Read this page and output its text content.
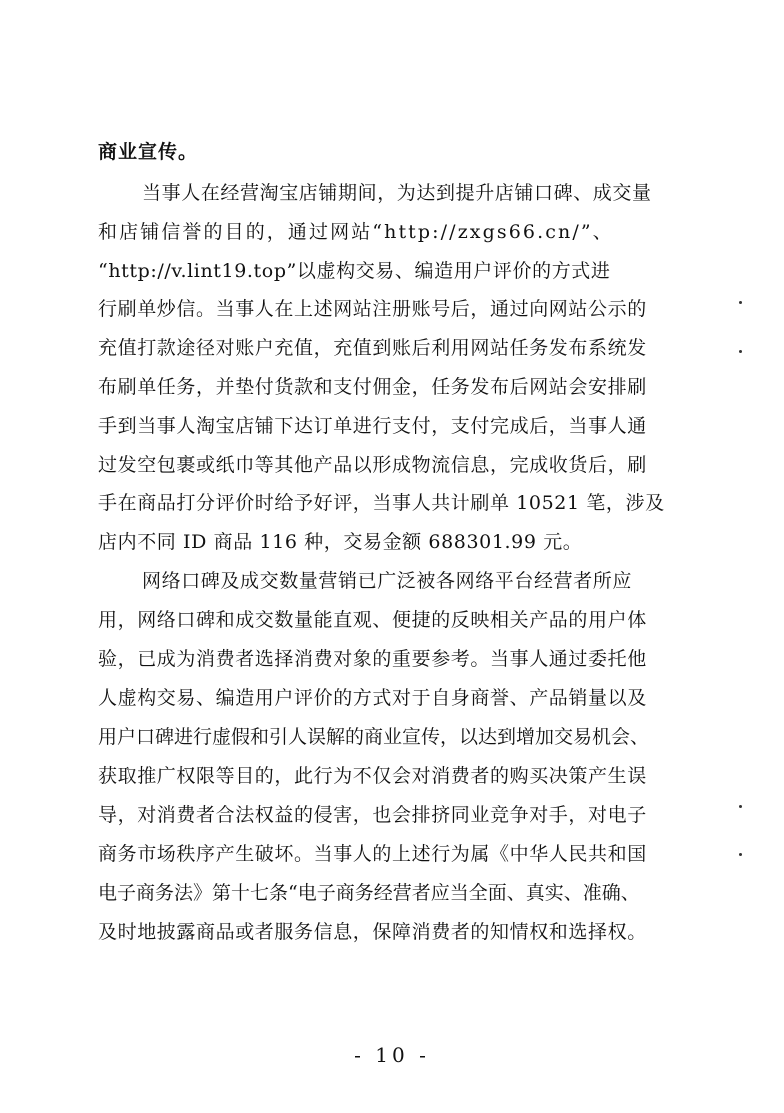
商业宣传。
当事人在经营淘宝店铺期间，为达到提升店铺口碑、成交量
和店铺信誉的目的，通过网站“http://zxgs66.cn/”、
“http://v.lint19.top”以虚构交易、编造用户评价的方式进
行刷单炒信。当事人在上述网站注册账号后，通过向网站公示的
充值打款途径对账户充值，充值到账后利用网站任务发布系统发
布刷单任务，并垫付货款和支付佣金，任务发布后网站会安排刷
手到当事人淘宝店铺下达订单进行支付，支付完成后，当事人通
过发空包裹或纸巾等其他产品以形成物流信息，完成收货后，刷
手在商品打分评价时给予好评，当事人共计刷单 10521 笔，涉及
店内不同 ID 商品 116 种，交易金额 688301.99 元。
网络口碑及成交数量营销已广泛被各网络平台经营者所应
用，网络口碑和成交数量能直观、便捷的反映相关产品的用户体
验，已成为消费者选择消费对象的重要参考。当事人通过委托他
人虚构交易、编造用户评价的方式对于自身商誉、产品销量以及
用户口碑进行虚假和引人误解的商业宣传，以达到增加交易机会、
获取推广权限等目的，此行为不仅会对消费者的购买决策产生误
导，对消费者合法权益的侵害，也会排挤同业竞争对手，对电子
商务市场秩序产生破坏。当事人的上述行为属《中华人民共和国
电子商务法》第十七条“电子商务经营者应当全面、真实、准确、
及时地披露商品或者服务信息，保障消费者的知情权和选择权。
- 10 -
